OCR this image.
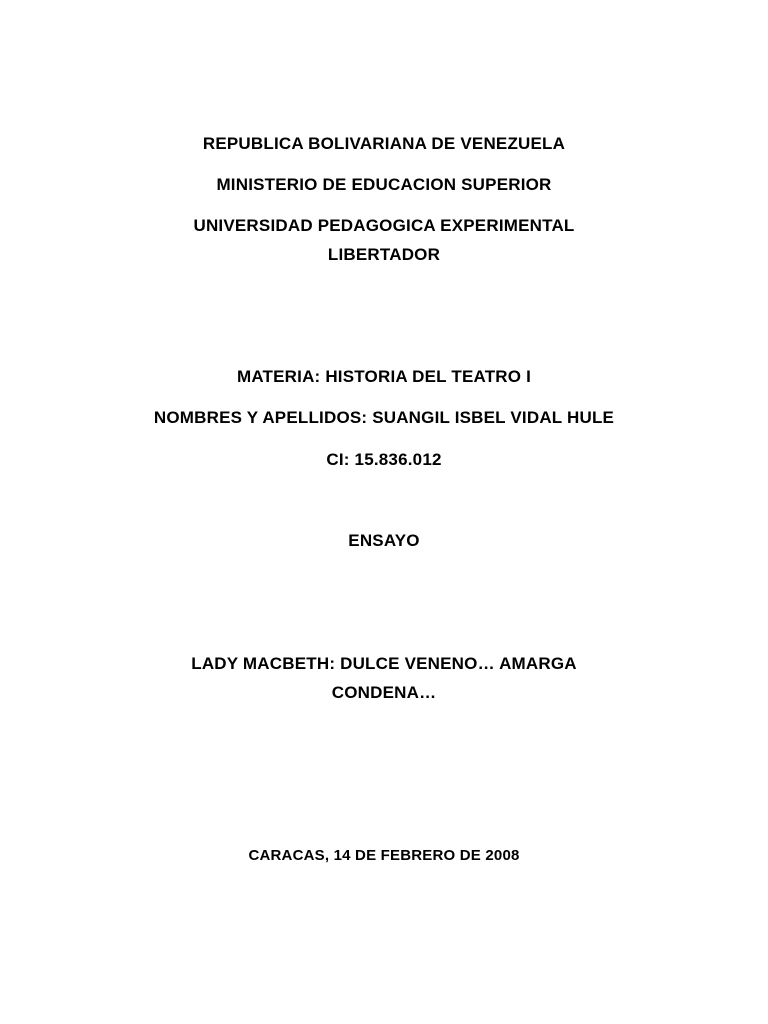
REPUBLICA BOLIVARIANA DE VENEZUELA
MINISTERIO DE EDUCACION SUPERIOR
UNIVERSIDAD PEDAGOGICA EXPERIMENTAL
LIBERTADOR
MATERIA: HISTORIA DEL TEATRO I
NOMBRES Y APELLIDOS: SUANGIL ISBEL VIDAL HULE
CI: 15.836.012
ENSAYO
LADY MACBETH: DULCE VENENO… AMARGA
CONDENA…
CARACAS, 14 DE FEBRERO DE 2008
